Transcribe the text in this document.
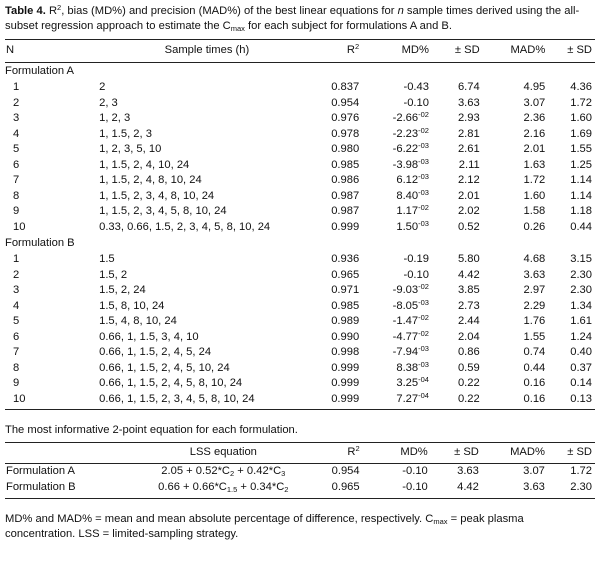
Table 4. $R^2$, bias (MD%) and precision (MAD%) of the best linear equations for n sample times derived using the all-subset regression approach to estimate the $C_{max}$ for each subject for formulations A and B.

N	Sample times (h)	$R^2$	MD%	± SD	MAD%	± SD
Formulation A						
1	2	0.837	-0.43	6.74	4.95	4.36
2	2, 3	0.954	-0.10	3.63	3.07	1.72
3	1, 2, 3	0.976	$-2.66^{-02}$	2.93	2.36	1.60
4	1, 1.5, 2, 3	0.978	$-2.23^{-02}$	2.81	2.16	1.69
5	1, 2, 3, 5, 10	0.980	$-6.22^{-03}$	2.61	2.01	1.55
6	1, 1.5, 2, 4, 10, 24	0.985	$-3.98^{-03}$	2.11	1.63	1.25
7	1, 1.5, 2, 4, 8, 10, 24	0.986	$6.12^{-03}$	2.12	1.72	1.14
8	1, 1.5, 2, 3, 4, 8, 10, 24	0.987	$8.40^{-03}$	2.01	1.60	1.14
9	1, 1.5, 2, 3, 4, 5, 8, 10, 24	0.987	$1.17^{-02}$	2.02	1.58	1.18
10	0.33, 0.66, 1.5, 2, 3, 4, 5, 8, 10, 24	0.999	$1.50^{-03}$	0.52	0.26	0.44
Formulation B						
1	1.5	0.936	-0.19	5.80	4.68	3.15
2	1.5, 2	0.965	-0.10	4.42	3.63	2.30
3	1.5, 2, 24	0.971	$-9.03^{-02}$	3.85	2.97	2.30
4	1.5, 8, 10, 24	0.985	$-8.05^{-03}$	2.73	2.29	1.34
5	1.5, 4, 8, 10, 24	0.989	$-1.47^{-02}$	2.44	1.76	1.61
6	0.66, 1, 1.5, 3, 4, 10	0.990	$-4.77^{-02}$	2.04	1.55	1.24
7	0.66, 1, 1.5, 2, 4, 5, 24	0.998	$-7.94^{-03}$	0.86	0.74	0.40
8	0.66, 1, 1.5, 2, 4, 5, 10, 24	0.999	$8.38^{-03}$	0.59	0.44	0.37
9	0.66, 1, 1.5, 2, 4, 5, 8, 10, 24	0.999	$3.25^{-04}$	0.22	0.16	0.14
10	0.66, 1, 1.5, 2, 3, 4, 5, 8, 10, 24	0.999	$7.27^{-04}$	0.22	0.16	0.13

The most informative 2-point equation for each formulation.

	LSS equation	$R^2$	MD%	± SD	MAD%	± SD
Formulation A	$2.05 + 0.52*C_2 + 0.42*C_3$	0.954	-0.10	3.63	3.07	1.72
Formulation B	$0.66 + 0.66*C_{1.5} + 0.34*C_2$	0.965	-0.10	4.42	3.63	2.30

MD% and MAD% = mean and mean absolute percentage of difference, respectively. $C_{max}$ = peak plasma concentration. LSS = limited-sampling strategy.
